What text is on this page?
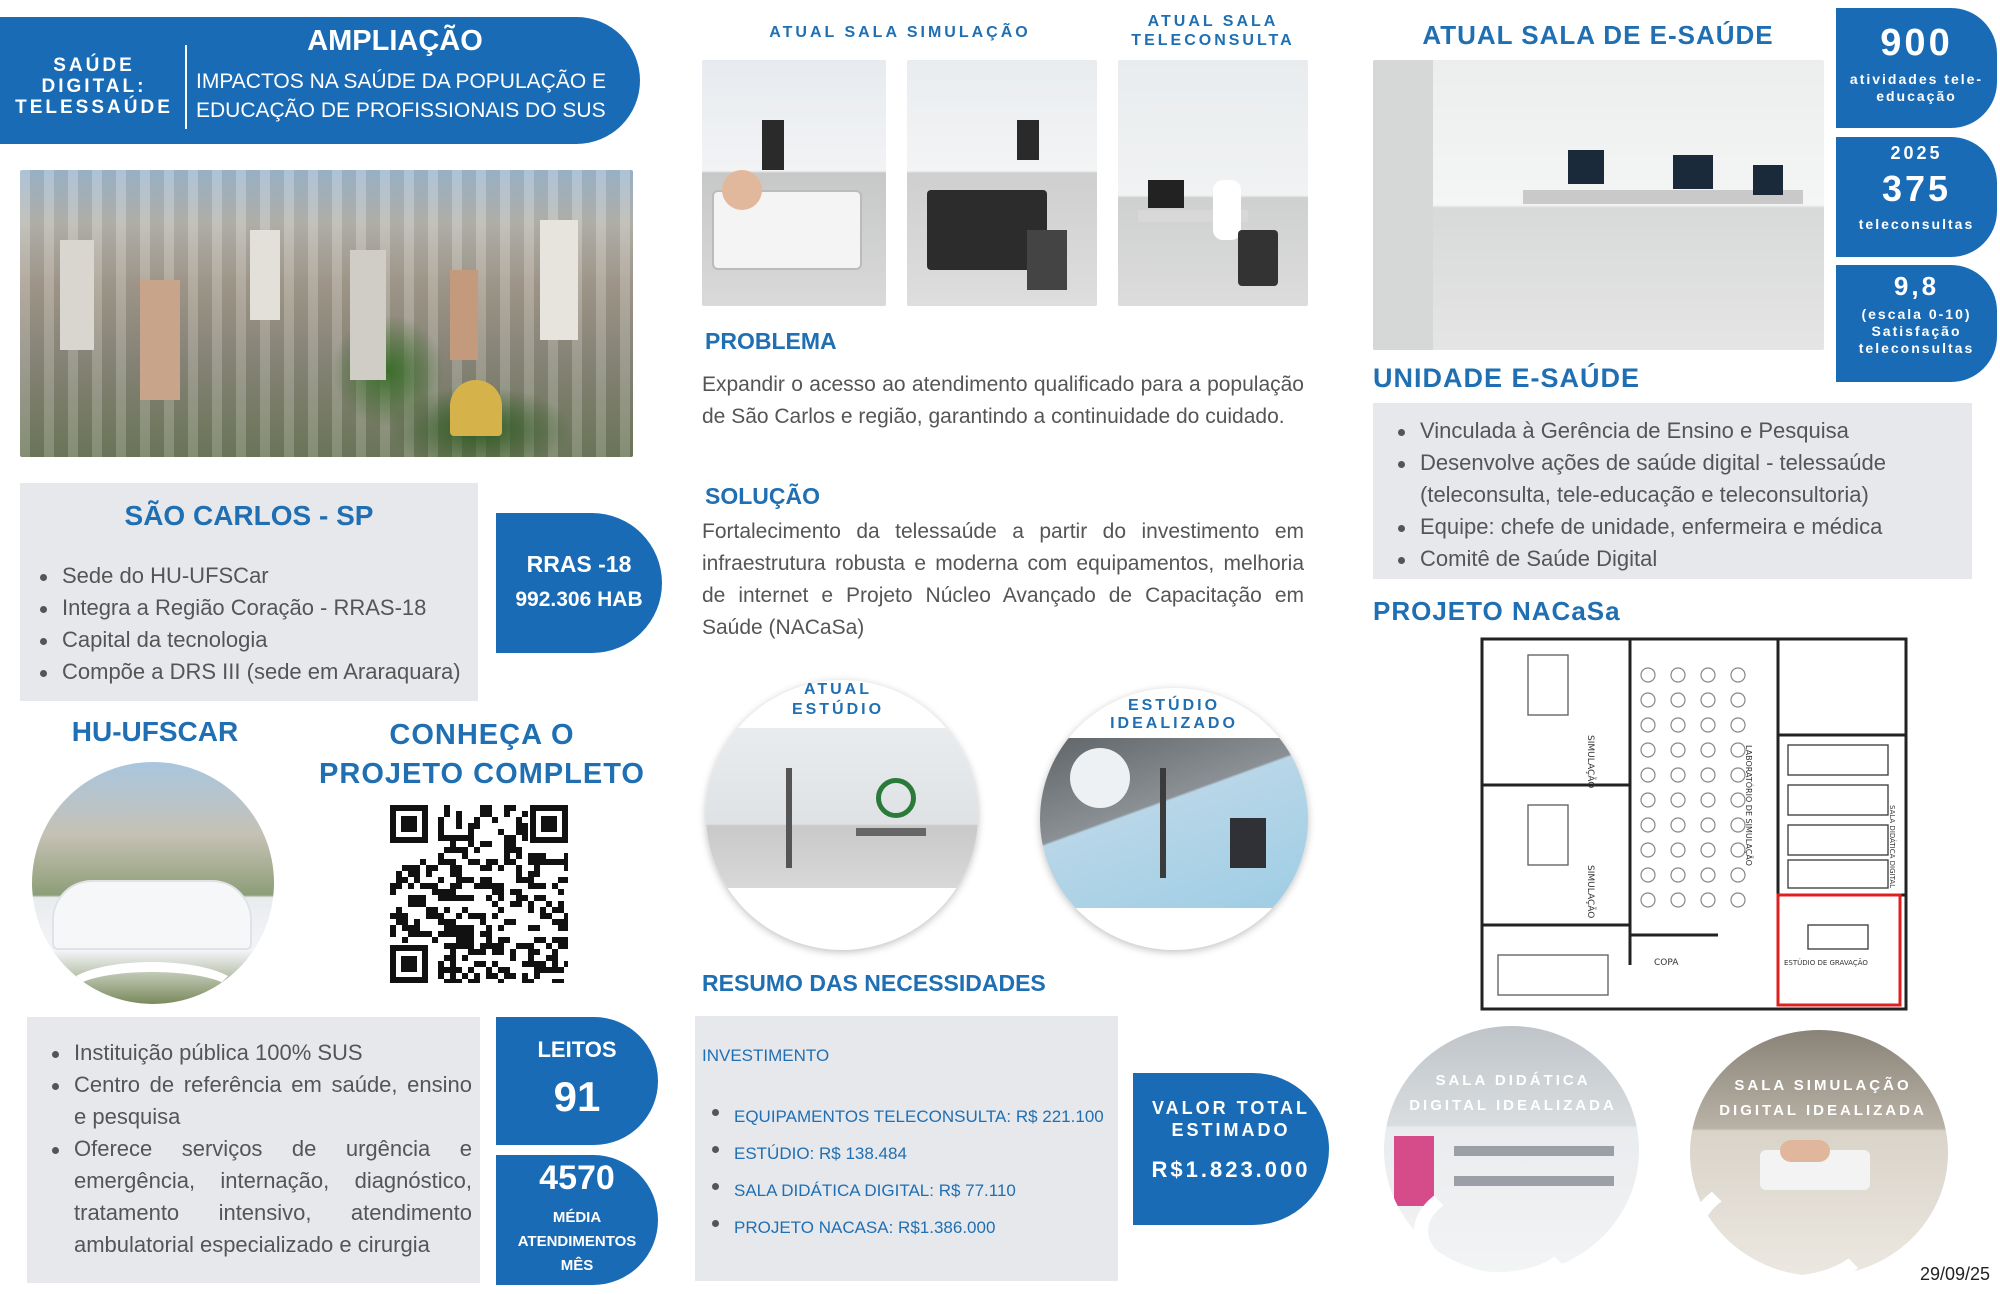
SAÚDE DIGITAL: TELESSAÚDE
AMPLIAÇÃO
IMPACTOS NA SAÚDE DA POPULAÇÃO E
EDUCAÇÃO DE PROFISSIONAIS DO SUS
SÃO CARLOS - SP
Sede do HU-UFSCar
Integra a Região Coração - RRAS-18
Capital da tecnologia
Compõe a DRS III (sede em Araraquara)
RRAS -18
992.306 HAB
HU-UFSCAR	CONHEÇA O
PROJETO COMPLETO
Instituição pública 100% SUS
Centro de referência em saúde, ensino e pesquisa
Oferece serviços de urgência e emergência, internação, diagnóstico, tratamento intensivo, atendimento ambulatorial especializado e cirurgia
LEITOS
91
4570
MÉDIA ATENDIMENTOS MÊS
ATUAL SALA SIMULAÇÃO
ATUAL SALA TELECONSULTA
PROBLEMA
Expandir o acesso ao atendimento qualificado para a população de São Carlos e região, garantindo a continuidade do cuidado.
SOLUÇÃO
Fortalecimento da telessaúde a partir do investimento em infraestrutura robusta e moderna com equipamentos, melhoria de internet e Projeto Núcleo Avançado de Capacitação em Saúde (NACaSa)
ATUAL ESTÚDIO	ESTÚDIO IDEALIZADO
RESUMO DAS NECESSIDADES
INVESTIMENTO
EQUIPAMENTOS TELECONSULTA: R$ 221.100
ESTÚDIO: R$ 138.484
SALA DIDÁTICA DIGITAL: R$ 77.110
PROJETO NACASA: R$1.386.000
VALOR TOTAL ESTIMADO
R$1.823.000
ATUAL SALA DE E-SAÚDE	900
atividades tele-educação
2025
375
teleconsultas
9,8
(escala 0-10) Satisfação teleconsultas
UNIDADE E-SAÚDE
Vinculada à Gerência de Ensino e Pesquisa
Desenvolve ações de saúde digital - telessaúde (teleconsulta, tele-educação e teleconsultoria)
Equipe: chefe de unidade, enfermeira e médica
Comitê de Saúde Digital
PROJETO NACaSa
SIMULAÇÃO
SIMULAÇÃO
LABORATÓRIO DE SIMULAÇÃO
COPA	ESTÚDIO DE GRAVAÇÃO
SALA DIDÁTICA DIGITAL
SALA DIDÁTICA DIGITAL IDEALIZADA
SALA SIMULAÇÃO DIGITAL IDEALIZADA
29/09/25
